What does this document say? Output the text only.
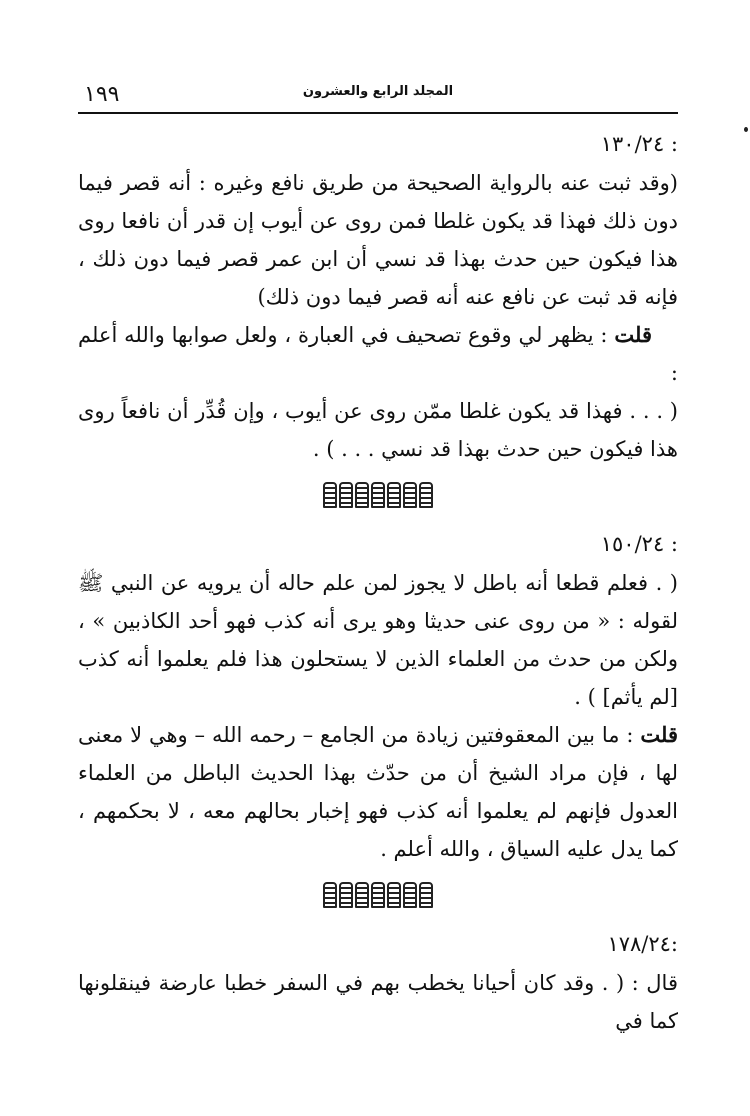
المجلد الرابع والعشرون
١٩٩
: ١٣٠/٢٤

(وقد ثبت عنه بالرواية الصحيحة من طريق نافع وغيره : أنه قصر فيما دون ذلك فهذا قد يكون غلطا فمن روى عن أيوب إن قدر أن نافعا روى هذا فيكون حين حدث بهذا قد نسي أن ابن عمر قصر فيما دون ذلك ، فإنه قد ثبت عن نافع عنه أنه قصر فيما دون ذلك)

قلت : يظهر لي وقوع تصحيف في العبارة ، ولعل صوابها والله أعلم :

( . . . فهذا قد يكون غلطا ممّن روى عن أيوب ، وإن قُدِّر أن نافعاً روى هذا فيكون حين حدث بهذا قد نسي . . . ) .

: ١٥٠/٢٤

( . فعلم قطعا أنه باطل لا يجوز لمن علم حاله أن يرويه عن النبي ﷺ لقوله : « من روى عنى حديثا وهو يرى أنه كذب فهو أحد الكاذبين » ، ولكن من حدث من العلماء الذين لا يستحلون هذا فلم يعلموا أنه كذب [لم يأثم] ) .

قلت : ما بين المعقوفتين زيادة من الجامع – رحمه الله – وهي لا معنى لها ، فإن مراد الشيخ أن من حدّث بهذا الحديث الباطل من العلماء العدول فإنهم لم يعلموا أنه كذب فهو إخبار بحالهم معه ، لا بحكمهم ، كما يدل عليه السياق ، والله أعلم .

:١٧٨/٢٤

قال : ( . وقد كان أحيانا يخطب بهم في السفر خطبا عارضة فينقلونها كما في
